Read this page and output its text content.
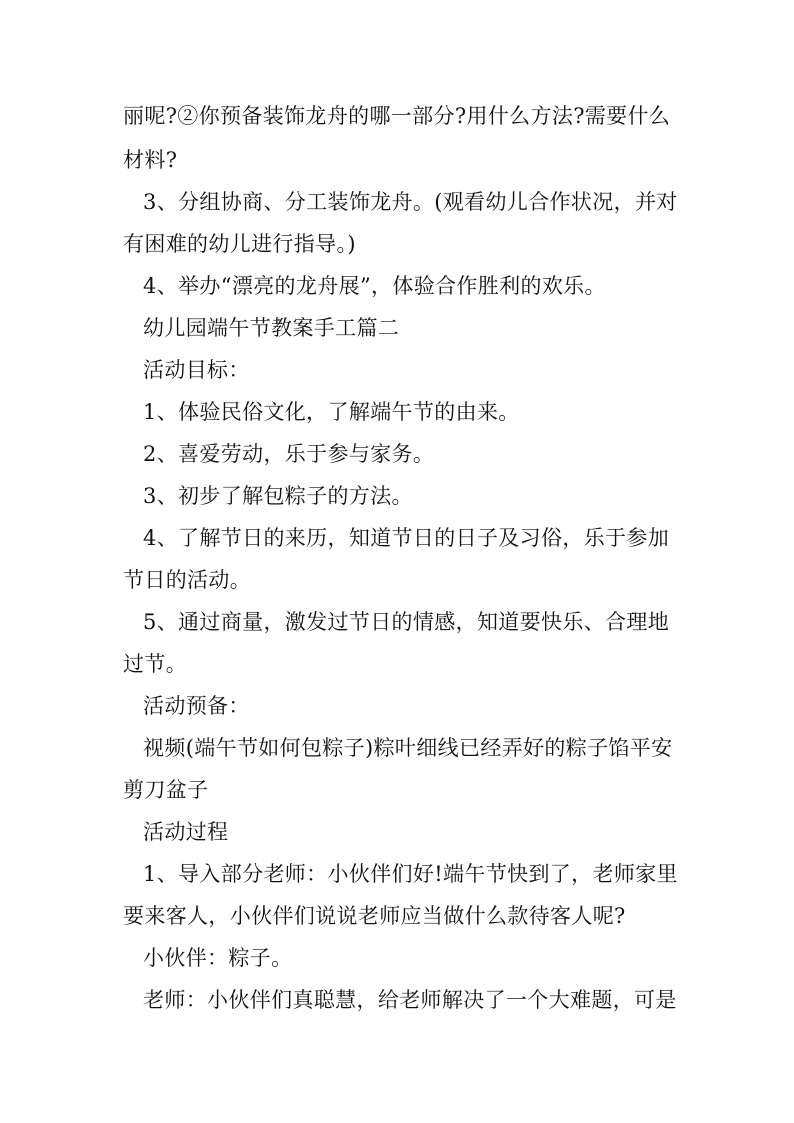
丽呢?②你预备装饰龙舟的哪一部分?用什么方法?需要什么
材料?
3、分组协商、分工装饰龙舟。(观看幼儿合作状况，并对
有困难的幼儿进行指导。)
4、举办“漂亮的龙舟展”，体验合作胜利的欢乐。
幼儿园端午节教案手工篇二
活动目标：
1、体验民俗文化，了解端午节的由来。
2、喜爱劳动，乐于参与家务。
3、初步了解包粽子的方法。
4、了解节日的来历，知道节日的日子及习俗，乐于参加
节日的活动。
5、通过商量，激发过节日的情感，知道要快乐、合理地
过节。
活动预备：
视频(端午节如何包粽子)粽叶细线已经弄好的粽子馅平安
剪刀盆子
活动过程
1、导入部分老师：小伙伴们好!端午节快到了，老师家里
要来客人，小伙伴们说说老师应当做什么款待客人呢?
小伙伴：粽子。
老师：小伙伴们真聪慧，给老师解决了一个大难题，可是
